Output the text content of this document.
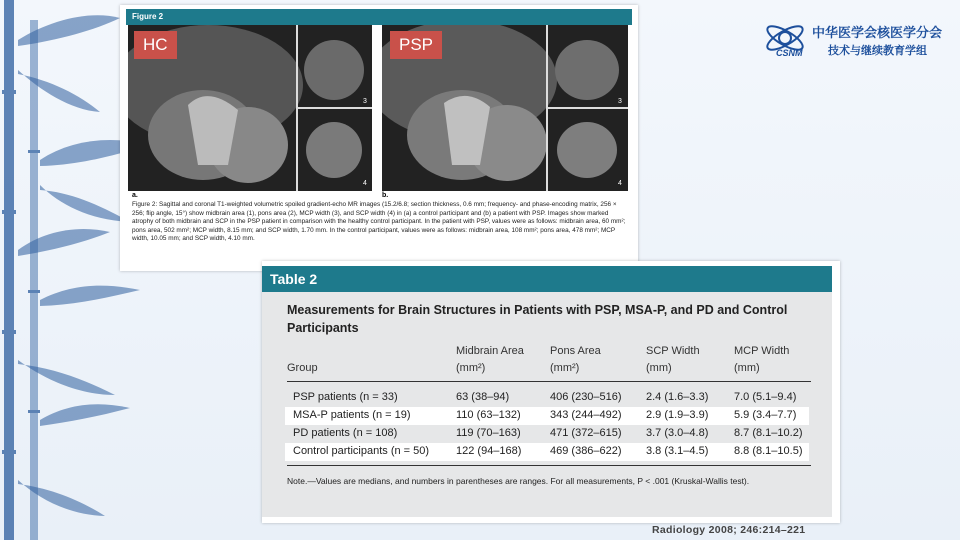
CSNM
中华医学会核医学分会
技术与继续教育学组
Figure 2
3
4
HC
3
4
PSP
a.	b.
Figure 2: Sagittal and coronal T1-weighted volumetric spoiled gradient-echo MR images (15.2/6.8; section thickness, 0.6 mm; frequency- and phase-encoding matrix, 256 × 256; flip angle, 15°) show midbrain area (1), pons area (2), MCP width (3), and SCP width (4) in (a) a control participant and (b) a patient with PSP. Images show marked atrophy of both midbrain and SCP in the PSP patient in comparison with the healthy control participant. In the patient with PSP, values were as follows: midbrain area, 60 mm²; pons area, 502 mm²; MCP width, 8.15 mm; and SCP width, 1.70 mm. In the control participant, values were as follows: midbrain area, 108 mm²; pons area, 478 mm²; MCP width, 10.05 mm; and SCP width, 4.10 mm.
Table 2
Measurements for Brain Structures in Patients with PSP, MSA-P, and PD and Control Participants
Group
Midbrain Area
(mm²)
Pons Area
(mm²)
SCP Width
(mm)
MCP Width
(mm)
PSP patients (n = 33)	63 (38–94)	406 (230–516) 2.4 (1.6–3.3) 7.0 (5.1–9.4)
MSA-P patients (n = 19)	110 (63–132)	343 (244–492) 2.9 (1.9–3.9) 5.9 (3.4–7.7)
PD patients (n = 108)	119 (70–163)	471 (372–615) 3.7 (3.0–4.8) 8.7 (8.1–10.2)
Control participants (n = 50) 122 (94–168)	469 (386–622) 3.8 (3.1–4.5) 8.8 (8.1–10.5)
Note.—Values are medians, and numbers in parentheses are ranges. For all measurements, P < .001 (Kruskal-Wallis test).
Radiology 2008; 246:214–221
